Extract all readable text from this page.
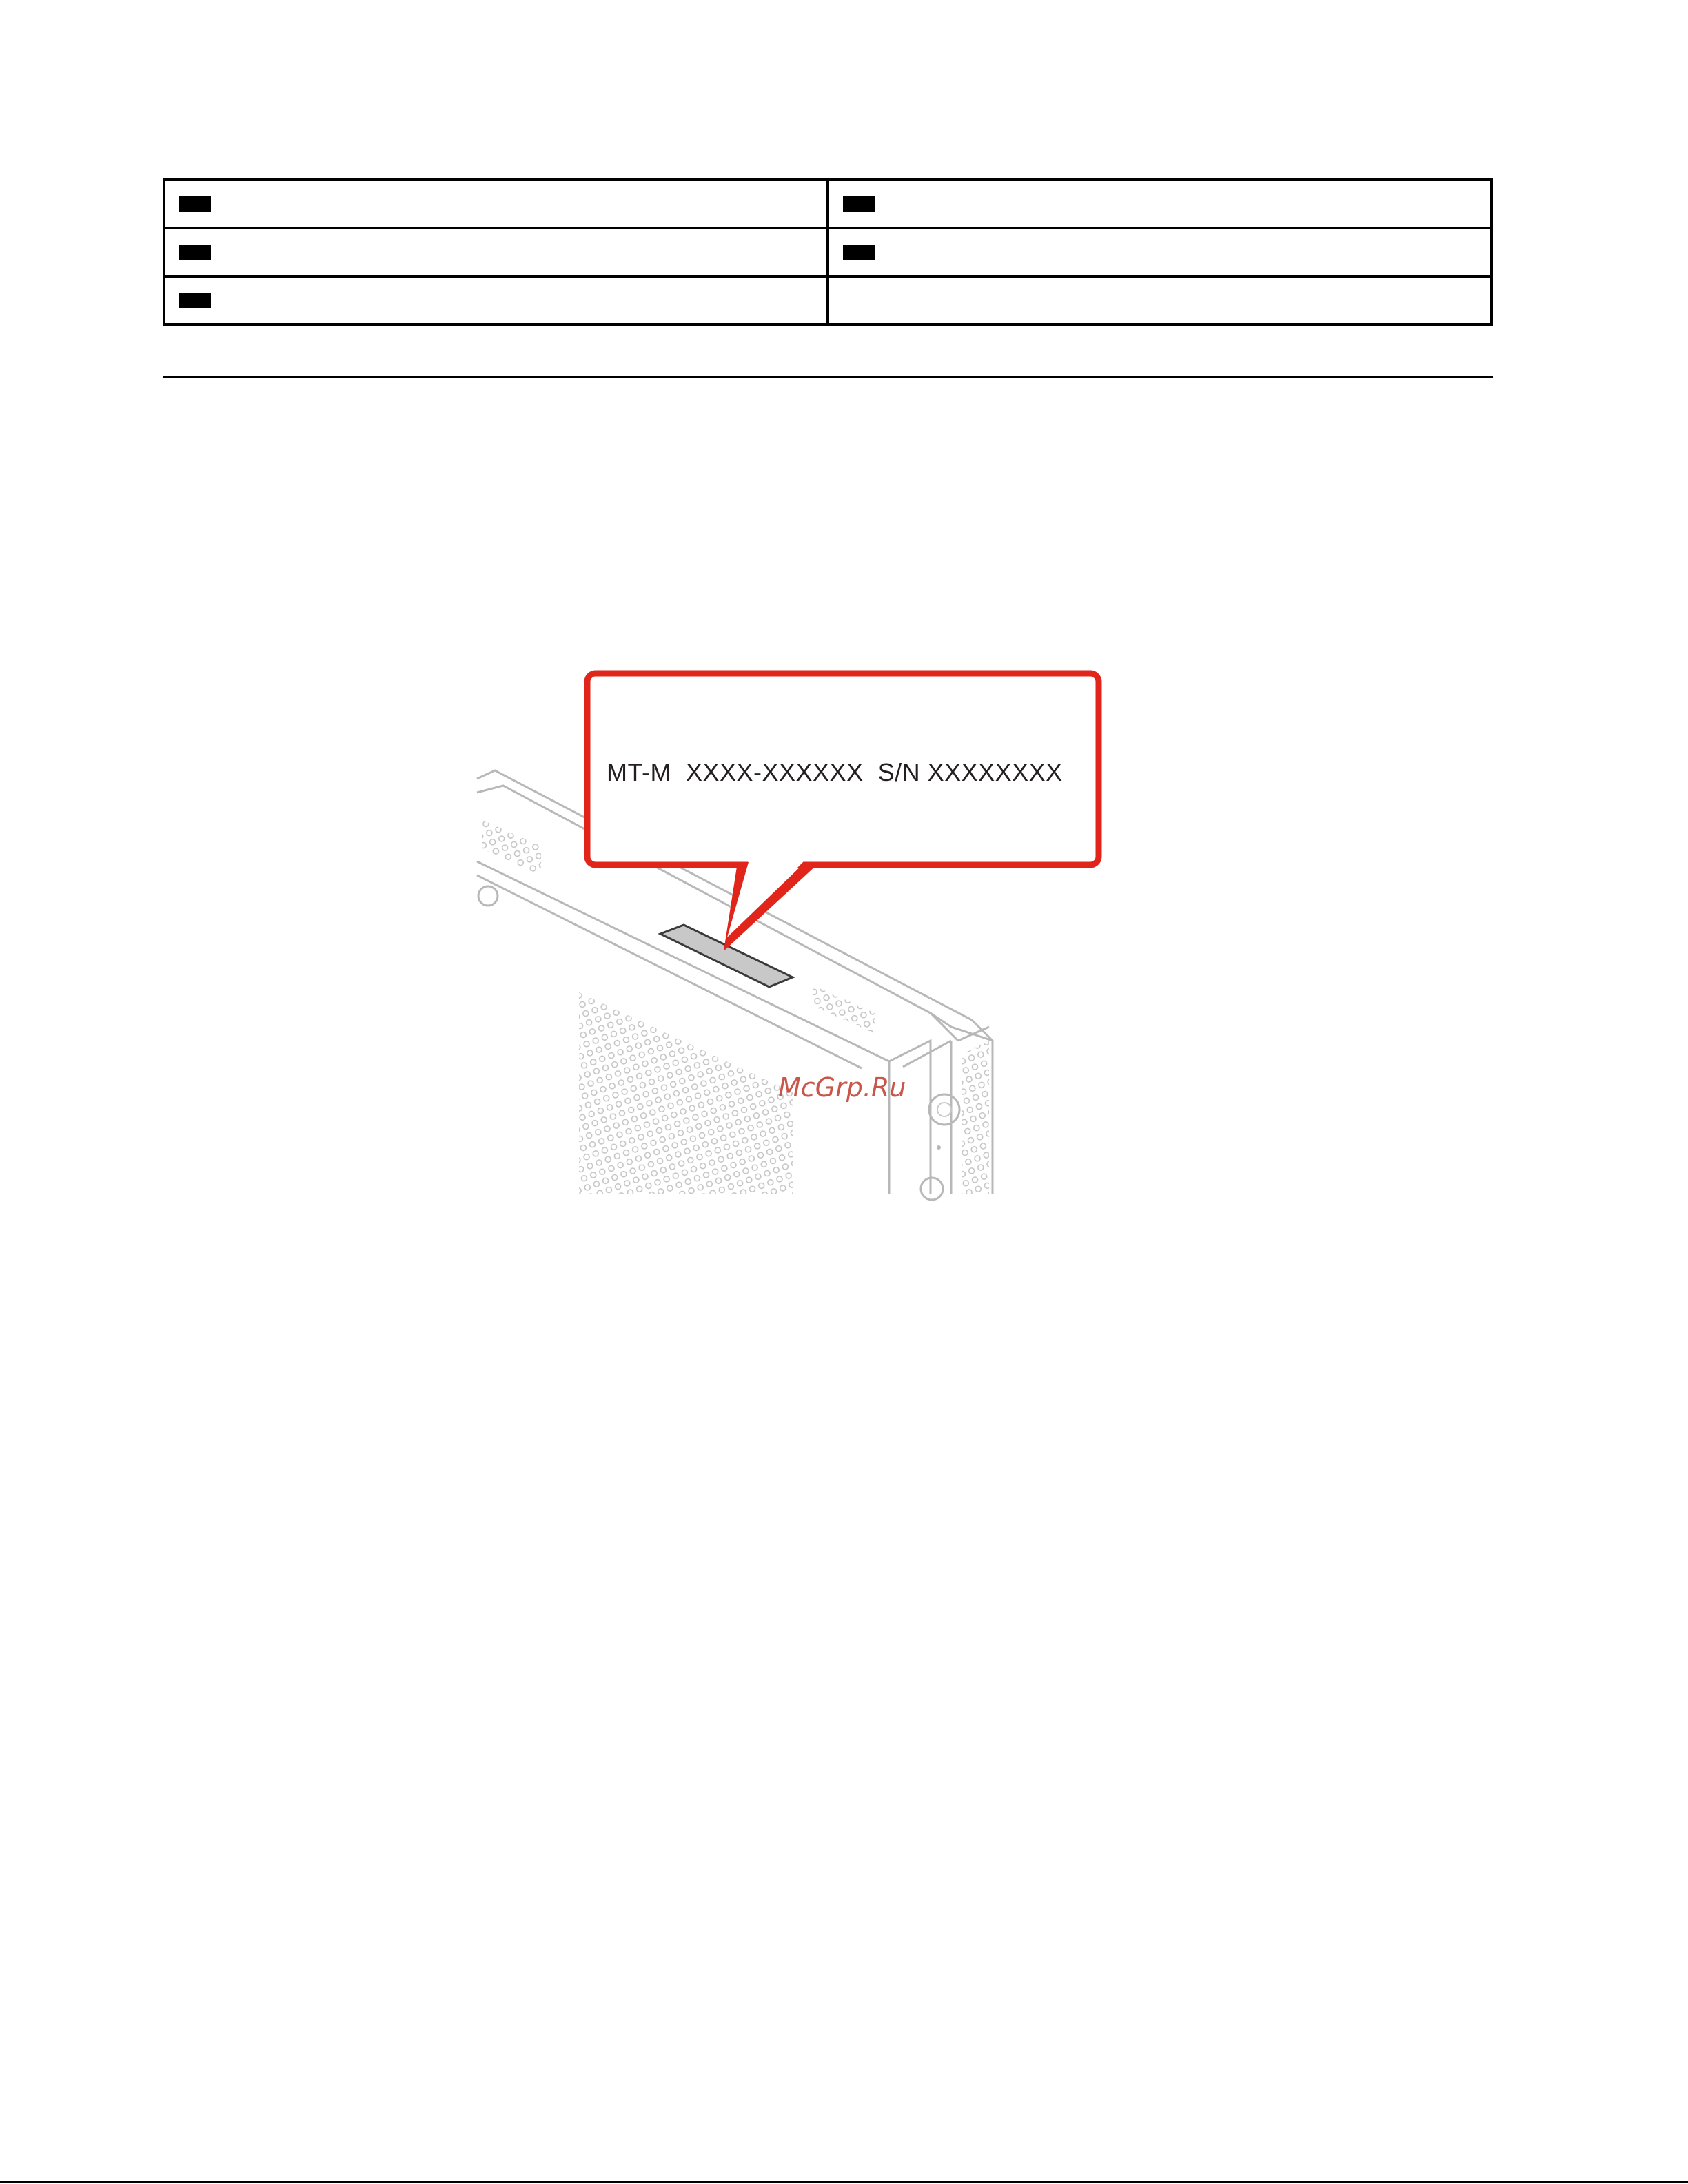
MT-M  XXXX-XXXXXX  S/N XXXXXXXX
McGrp.Ru
